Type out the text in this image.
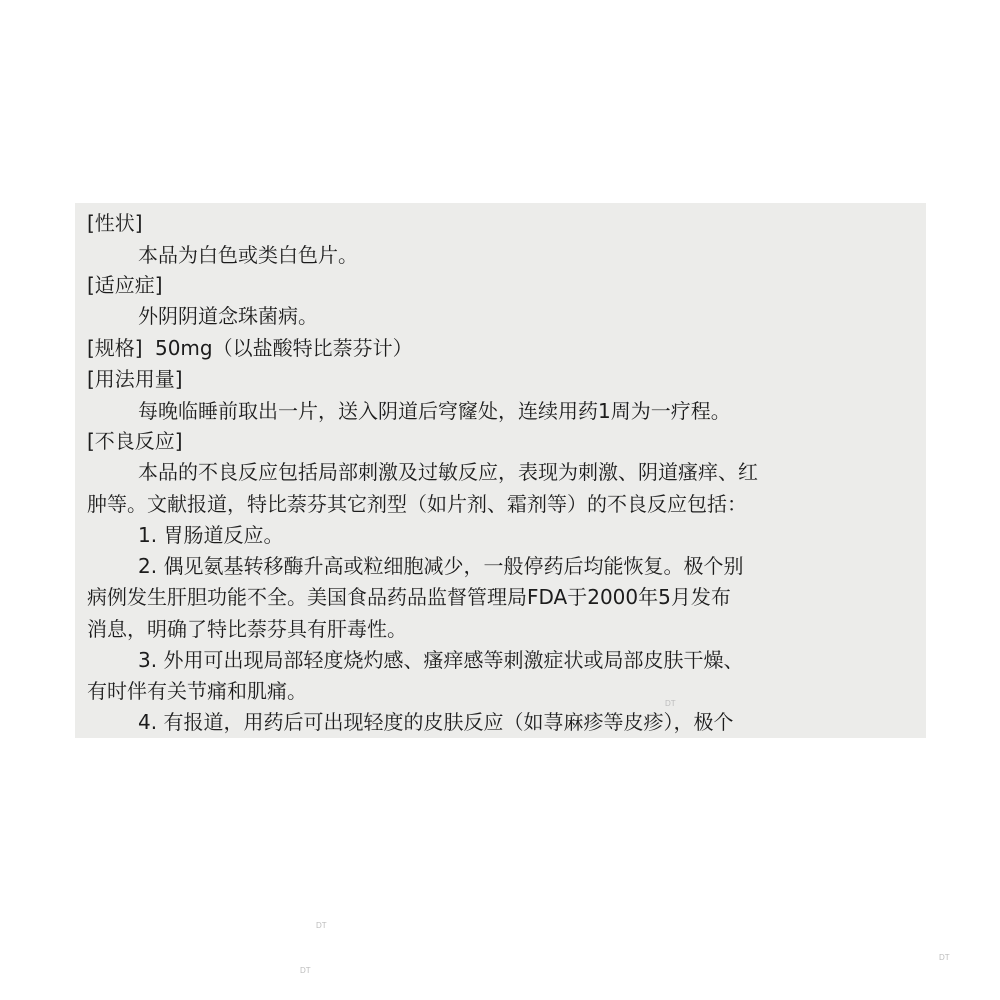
[性状]
本品为白色或类白色片。
[适应症]
外阴阴道念珠菌病。
[规格] 50mg（以盐酸特比萘芬计）
[用法用量]
每晚临睡前取出一片，送入阴道后穹窿处，连续用药1周为一疗程。
[不良反应]
本品的不良反应包括局部刺激及过敏反应，表现为刺激、阴道瘙痒、红
肿等。文献报道，特比萘芬其它剂型（如片剂、霜剂等）的不良反应包括：
1. 胃肠道反应。
2. 偶见氨基转移酶升高或粒细胞减少，一般停药后均能恢复。极个别
病例发生肝胆功能不全。美国食品药品监督管理局FDA于2000年5月发布
消息，明确了特比萘芬具有肝毒性。
3. 外用可出现局部轻度烧灼感、瘙痒感等刺激症状或局部皮肤干燥、
有时伴有关节痛和肌痛。
4. 有报道，用药后可出现轻度的皮肤反应（如荨麻疹等皮疹），极个
DT
DT
DT
DT
